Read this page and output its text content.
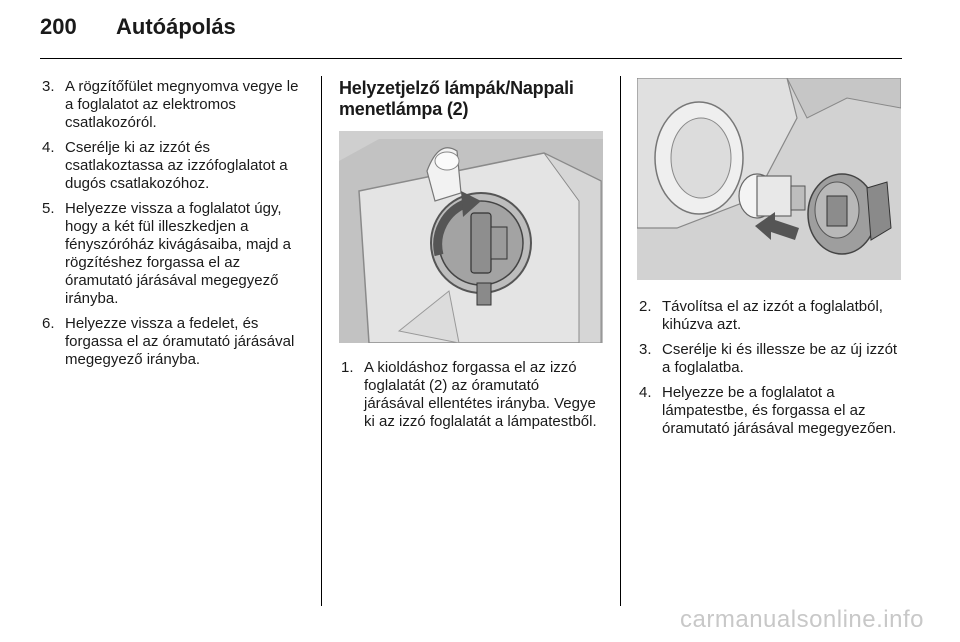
200	Autóápolás
3. A rögzítőfület megnyomva vegye le a foglalatot az elektromos csatlakozóról.
4. Cserélje ki az izzót és csatlakoztassa az izzófoglalatot a dugós csatlakozóhoz.
5. Helyezze vissza a foglalatot úgy, hogy a két fül illeszkedjen a fényszóróház kivágásaiba, majd a rögzítéshez forgassa el az óramutató járásával megegyező irányba.
6. Helyezze vissza a fedelet, és forgassa el az óramutató járásával megegyező irányba.
Helyzetjelző lámpák/Nappali menetlámpa (2)
1. A kioldáshoz forgassa el az izzó foglalatát (2) az óramutató járásával ellentétes irányba. Vegye ki az izzó foglalatát a lámpatestből.
2. Távolítsa el az izzót a foglalatból, kihúzva azt.
3. Cserélje ki és illessze be az új izzót a foglalatba.
4. Helyezze be a foglalatot a lámpatestbe, és forgassa el az óramutató járásával megegyezően.
carmanualsonline.info
